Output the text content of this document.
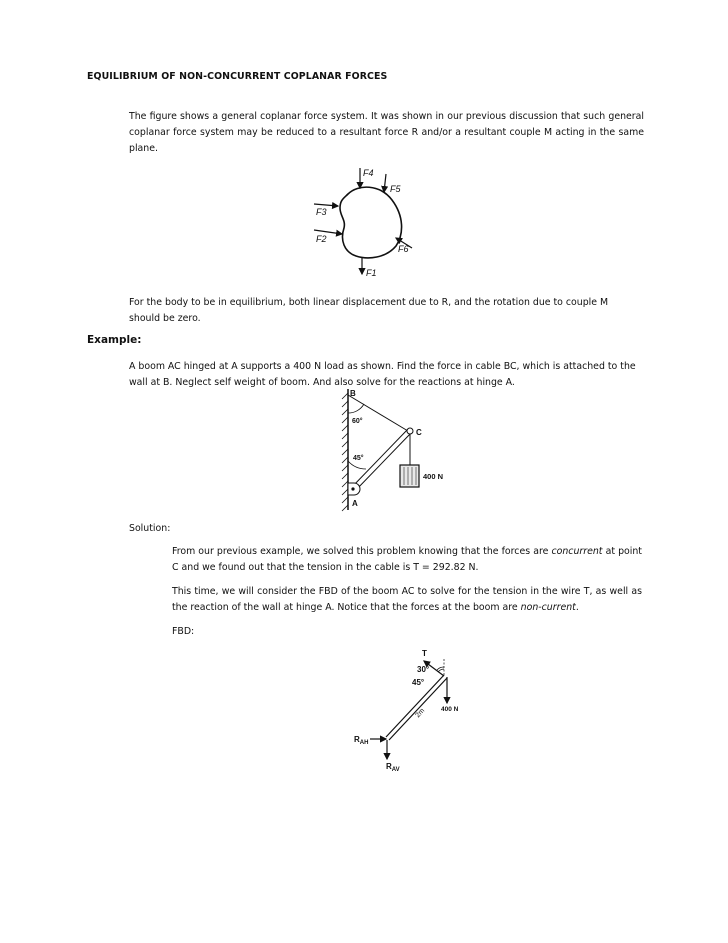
EQUILIBRIUM OF NON-CONCURRENT COPLANAR FORCES
The figure shows a general coplanar force system. It was shown in our previous discussion that such general coplanar force system may be reduced to a resultant force R and/or a resultant couple M acting in the same plane.
F4
F5
F3
F2
F6
F1
For the body to be in equilibrium, both linear displacement due to R, and the rotation due to couple M should be zero.
Example:
A boom AC hinged at A supports a 400 N load as shown. Find the force in cable BC, which is attached to the wall at B. Neglect self weight of boom. And also solve for the reactions at hinge A.
B
C
A
60°
45°
400 N
Solution:
From our previous example, we solved this problem knowing that the forces are concurrent at point C and we found out that the tension in the cable is T = 292.82 N.
This time, we will consider the FBD of the boom AC to solve for the tension in the wire T, as well as the reaction of the wall at hinge A. Notice that the forces at the boom are non-current.
FBD:
T
30°
45°
400 N
2m
$R_{AH}$
$R_{AV}$
